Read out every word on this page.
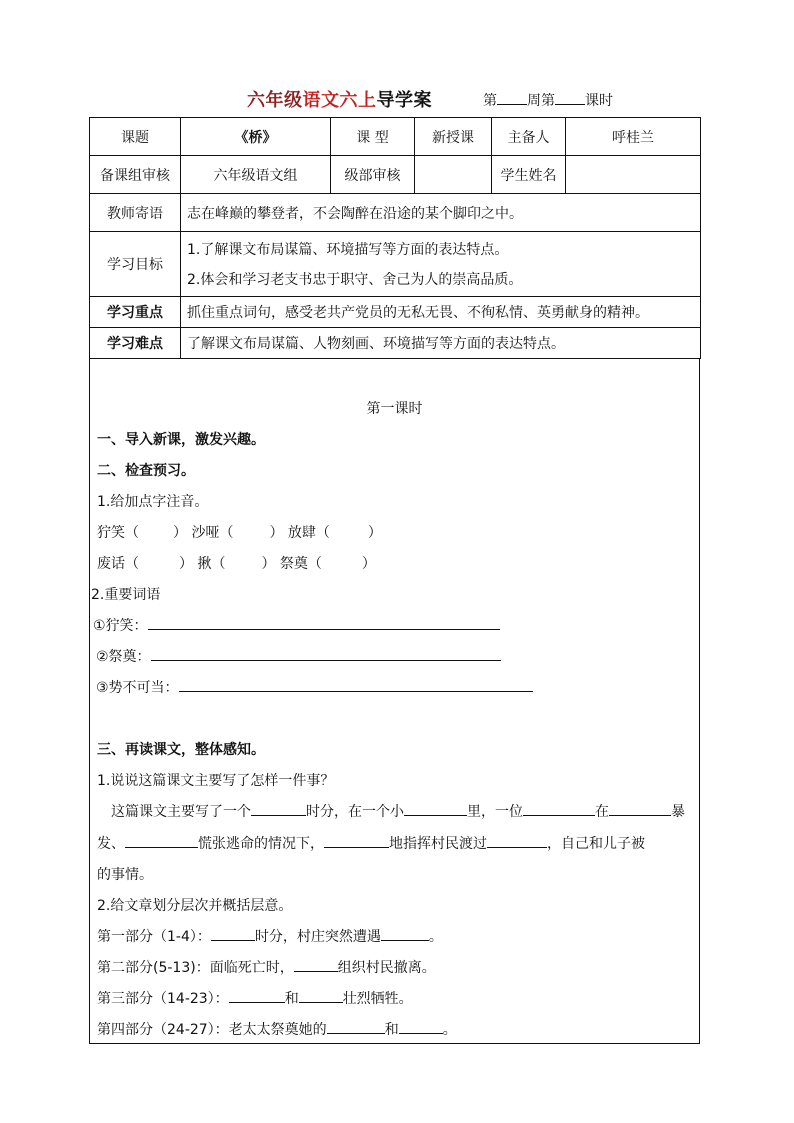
六年级语文六上导学案	第 周第 课时
课题	《桥》	课 型	新授课	主备人	呼桂兰
备课组审核	六年级语文组	级部审核		学生姓名	
教师寄语	志在峰巅的攀登者，不会陶醉在沿途的某个脚印之中。				
学习目标	1.了解课文布局谋篇、环境描写等方面的表达特点。
2.体会和学习老支书忠于职守、舍己为人的崇高品质。				

学习重点	抓住重点词句，感受老共产党员的无私无畏、不徇私情、英勇献身的精神。				
学习难点	了解课文布局谋篇、人物刻画、环境描写等方面的表达特点。				
第一课时
一、导入新课，激发兴趣。
二、检查预习。
1.给加点字注音。
狞笑（ ） 沙哑（	） 放肆（	）
废话（	） 揪（	） 祭奠（	）
2.重要词语
①狞笑：
②祭奠：
③势不可当：
三、再读课文，整体感知。
1.说说这篇课文主要写了怎样一件事？
这篇课文主要写了一个	时分，在一个小	里，一位	在	暴
发、	慌张逃命的情况下，	地指挥村民渡过	，自己和儿子被
的事情。
2.给文章划分层次并概括层意。
第一部分（1-4）：	时分，村庄突然遭遇	。
第二部分(5-13)：面临死亡时，	组织村民撤离。
第三部分（14-23）：	和	壮烈牺牲。
第四部分（24-27）：老太太祭奠她的	和	。
